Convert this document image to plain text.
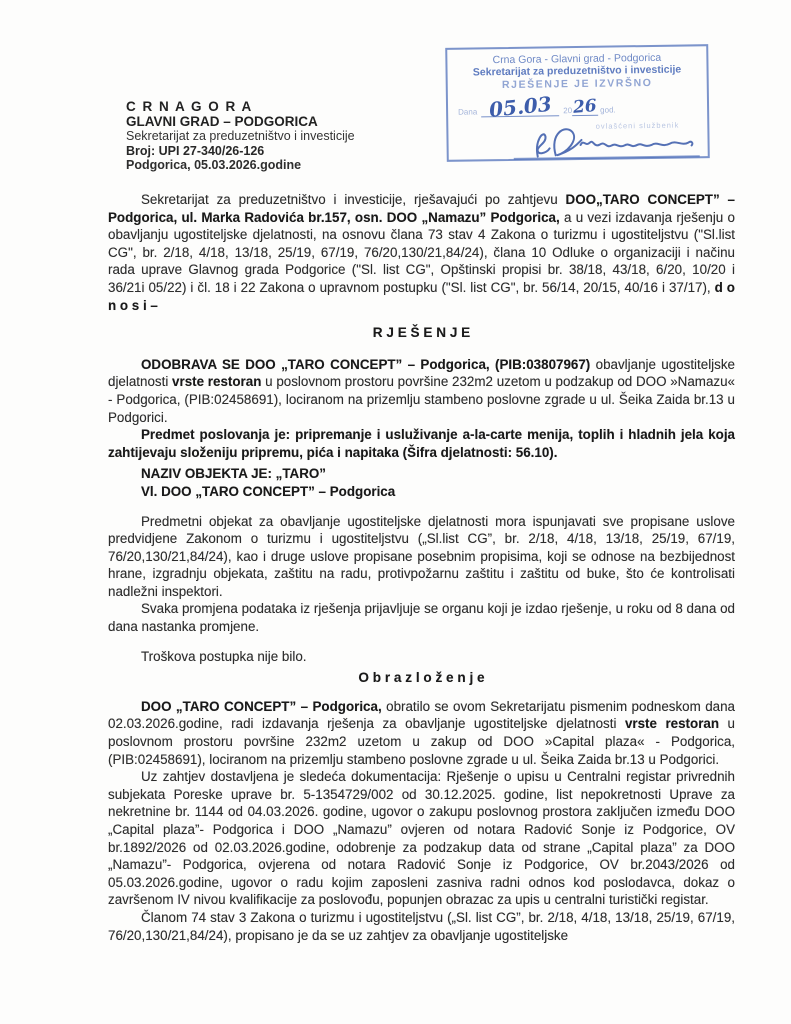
Crna Gora - Glavni grad - Podgorica
Sekretarijat za preduzetništvo i investicije
RJEŠENJE JE IZVRŠNO
Dana 05.03 20 26 god.
ovlašćeni službenik
C R N A G O R A
GLAVNI GRAD – PODGORICA
Sekretarijat za preduzetništvo i investicije
Broj: UPI 27-340/26-126
Podgorica, 05.03.2026.godine

Sekretarijat za preduzetništvo i investicije, rješavajući po zahtjevu DOO„TARO CONCEPT” – Podgorica, ul. Marka Radovića br.157, osn. DOO „Namazu” Podgorica, a u vezi izdavanja rješenju o obavljanju ugostiteljske djelatnosti, na osnovu člana 73 stav 4 Zakona o turizmu i ugostiteljstvu ("Sl.list CG", br. 2/18, 4/18, 13/18, 25/19, 67/19, 76/20,130/21,84/24), člana 10 Odluke o organizaciji i načinu rada uprave Glavnog grada Podgorice ("Sl. list CG", Opštinski propisi br. 38/18, 43/18, 6/20, 10/20 i 36/21i 05/22) i čl. 18 i 22 Zakona o upravnom postupku ("Sl. list CG", br. 56/14, 20/15, 40/16 i 37/17), d o n o s i –

R J E Š E N J E

ODOBRAVA SE DOO „TARO CONCEPT” – Podgorica, (PIB:03807967) obavljanje ugostiteljske djelatnosti vrste restoran u poslovnom prostoru površine 232m2 uzetom u podzakup od DOO »Namazu« - Podgorica, (PIB:02458691), lociranom na prizemlju stambeno poslovne zgrade u ul. Šeika Zaida br.13 u Podgorici.

Predmet poslovanja je: pripremanje i usluživanje a-la-carte menija, toplih i hladnih jela koja zahtijevaju složeniju pripremu, pića i napitaka (Šifra djelatnosti: 56.10).

NAZIV OBJEKTA JE: „TARO”

Vl. DOO „TARO CONCEPT” – Podgorica

Predmetni objekat za obavljanje ugostiteljske djelatnosti mora ispunjavati sve propisane uslove predvidjene Zakonom o turizmu i ugostiteljstvu („Sl.list CG”, br. 2/18, 4/18, 13/18, 25/19, 67/19, 76/20,130/21,84/24), kao i druge uslove propisane posebnim propisima, koji se odnose na bezbijednost hrane, izgradnju objekata, zaštitu na radu, protivpožarnu zaštitu i zaštitu od buke, što će kontrolisati nadležni inspektori.

Svaka promjena podataka iz rješenja prijavljuje se organu koji je izdao rješenje, u roku od 8 dana od dana nastanka promjene.

Troškova postupka nije bilo.

O b r a z l o ž e n j e

DOO „TARO CONCEPT” – Podgorica, obratilo se ovom Sekretarijatu pismenim podneskom dana 02.03.2026.godine, radi izdavanja rješenja za obavljanje ugostiteljske djelatnosti vrste restoran u poslovnom prostoru površine 232m2 uzetom u zakup od DOO »Capital plaza« - Podgorica, (PIB:02458691), lociranom na prizemlju stambeno poslovne zgrade u ul. Šeika Zaida br.13 u Podgorici.

Uz zahtjev dostavljena je sledeća dokumentacija: Rješenje o upisu u Centralni registar privrednih subjekata Poreske uprave br. 5-1354729/002 od 30.12.2025. godine, list nepokretnosti Uprave za nekretnine br. 1144 od 04.03.2026. godine, ugovor o zakupu poslovnog prostora zaključen između DOO „Capital plaza”- Podgorica i DOO „Namazu” ovjeren od notara Radović Sonje iz Podgorice, OV br.1892/2026 od 02.03.2026.godine, odobrenje za podzakup data od strane „Capital plaza” za DOO „Namazu”- Podgorica, ovjerena od notara Radović Sonje iz Podgorice, OV br.2043/2026 od 05.03.2026.godine, ugovor o radu kojim zaposleni zasniva radni odnos kod poslodavca, dokaz o završenom IV nivou kvalifikacije za poslovođu, popunjen obrazac za upis u centralni turistički registar.

Članom 74 stav 3 Zakona o turizmu i ugostiteljstvu („Sl. list CG”, br. 2/18, 4/18, 13/18, 25/19, 67/19, 76/20,130/21,84/24), propisano je da se uz zahtjev za obavljanje ugostiteljske
